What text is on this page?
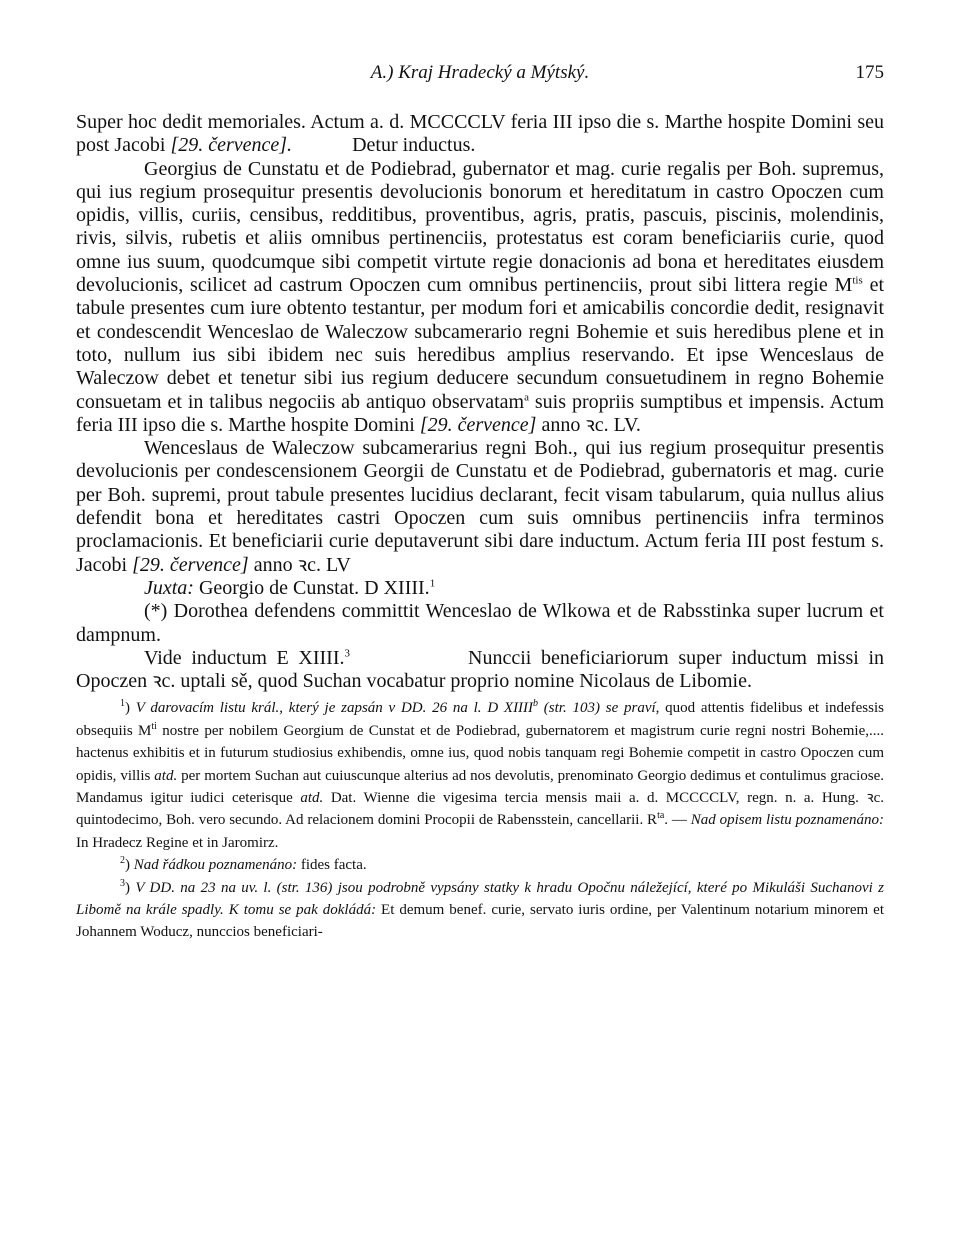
A.) Kraj Hradecký a Mýtský.	175

Super hoc dedit memoriales. Actum a. d. MCCCCLV feria III ipso die s. Marthe hospite Domini seu post Jacobi [29. července].	Detur inductus.

Georgius de Cunstatu et de Podiebrad, gubernator et mag. curie regalis per Boh. supremus, qui ius regium prosequitur presentis devolucionis bonorum et hereditatum in castro Opoczen cum opidis, villis, curiis, censibus, redditibus, proventibus, agris, pratis, pascuis, piscinis, molendinis, rivis, silvis, rubetis et aliis omnibus pertinenciis, protestatus est coram beneficiariis curie, quod omne ius suum, quodcumque sibi competit virtute regie donacionis ad bona et hereditates eiusdem devolucionis, scilicet ad castrum Opoczen cum omnibus pertinenciis, prout sibi littera regie $M^{tis}$ et tabule presentes cum iure obtento testantur, per modum fori et amicabilis concordie dedit, resignavit et condescendit Wenceslao de Waleczow subcamerario regni Bohemie et suis heredibus plene et in toto, nullum ius sibi ibidem nec suis heredibus amplius reservando. Et ipse Wenceslaus de Waleczow debet et tenetur sibi ius regium deducere secundum consuetudinem in regno Bohemie consuetam et in talibus negociis ab antiquo observatam$^a$ suis propriis sumptibus et impensis. Actum feria III ipso die s. Marthe hospite Domini [29. července] anno ꝛc. LV.

Wenceslaus de Waleczow subcamerarius regni Boh., qui ius regium prosequitur presentis devolucionis per condescensionem Georgii de Cunstatu et de Podiebrad, gubernatoris et mag. curie per Boh. supremi, prout tabule presentes lucidius declarant, fecit visam tabularum, quia nullus alius defendit bona et hereditates castri Opoczen cum suis omnibus pertinenciis infra terminos proclamacionis. Et beneficiarii curie deputaverunt sibi dare inductum. Actum feria III post festum s. Jacobi [29. července] anno ꝛc. LV

Juxta: Georgio de Cunstat. D XIIII.$^1$

(*) Dorothea defendens committit Wenceslao de Wlkowa et de Rabsstinka super lucrum et dampnum.

Vide inductum E XIIII.$^3$	Nunccii beneficiariorum super inductum missi in Opoczen ꝛc. uptali sě, quod Suchan vocabatur proprio nomine Nicolaus de Libomie.

$^1$) V darovacím listu král., který je zapsán v DD. 26 na l. D XIIII$^b$ (str. 103) se praví, quod attentis fidelibus et indefessis obsequiis $M^{ti}$ nostre per nobilem Georgium de Cunstat et de Podiebrad, gubernatorem et magistrum curie regni nostri Bohemie,.... hactenus exhibitis et in futurum studiosius exhibendis, omne ius, quod nobis tanquam regi Bohemie competit in castro Opoczen cum opidis, villis atd. per mortem Suchan aut cuiuscunque alterius ad nos devolutis, prenominato Georgio dedimus et contulimus graciose. Mandamus igitur iudici ceterisque atd. Dat. Wienne die vigesima tercia mensis maii a. d. MCCCCLV, regn. n. a. Hung. ꝛc. quintodecimo, Boh. vero secundo. Ad relacionem domini Procopii de Rabensstein, cancellarii. $R^{ta}$. — Nad opisem listu poznamenáno: In Hradecz Regine et in Jaromirz.

$^2$) Nad řádkou poznamenáno: fides facta.

$^3$) V DD. na 23 na uv. l. (str. 136) jsou podrobně vypsány statky k hradu Opočnu náležející, které po Mikuláši Suchanovi z Libomě na krále spadly. K tomu se pak dokládá: Et demum benef. curie, servato iuris ordine, per Valentinum notarium minorem et Johannem Woducz, nunccios beneficiari-
